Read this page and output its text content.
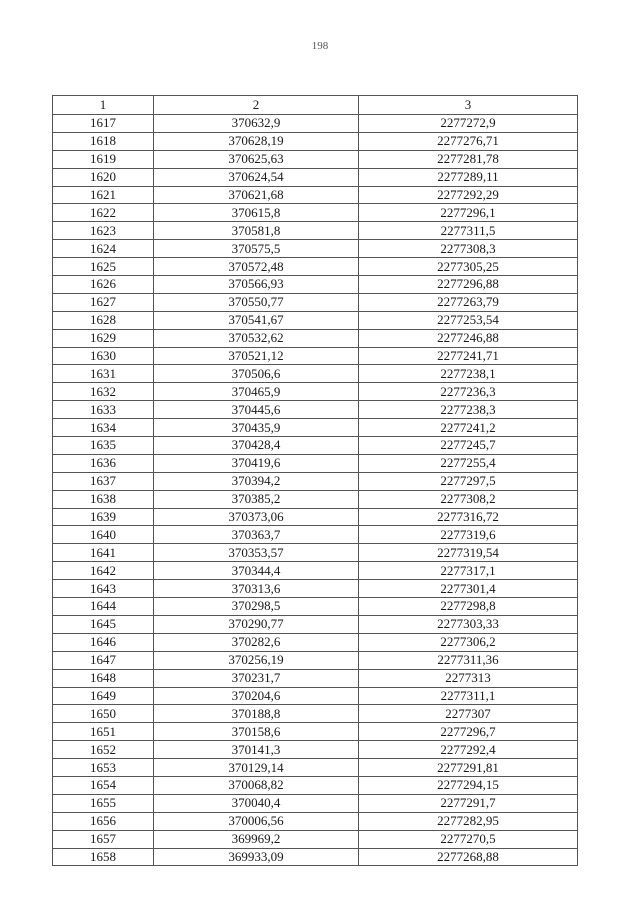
198
1	2	3
1617	370632,9	2277272,9
1618	370628,19	2277276,71
1619	370625,63	2277281,78
1620	370624,54	2277289,11
1621	370621,68	2277292,29
1622	370615,8	2277296,1
1623	370581,8	2277311,5
1624	370575,5	2277308,3
1625	370572,48	2277305,25
1626	370566,93	2277296,88
1627	370550,77	2277263,79
1628	370541,67	2277253,54
1629	370532,62	2277246,88
1630	370521,12	2277241,71
1631	370506,6	2277238,1
1632	370465,9	2277236,3
1633	370445,6	2277238,3
1634	370435,9	2277241,2
1635	370428,4	2277245,7
1636	370419,6	2277255,4
1637	370394,2	2277297,5
1638	370385,2	2277308,2
1639	370373,06	2277316,72
1640	370363,7	2277319,6
1641	370353,57	2277319,54
1642	370344,4	2277317,1
1643	370313,6	2277301,4
1644	370298,5	2277298,8
1645	370290,77	2277303,33
1646	370282,6	2277306,2
1647	370256,19	2277311,36
1648	370231,7	2277313
1649	370204,6	2277311,1
1650	370188,8	2277307
1651	370158,6	2277296,7
1652	370141,3	2277292,4
1653	370129,14	2277291,81
1654	370068,82	2277294,15
1655	370040,4	2277291,7
1656	370006,56	2277282,95
1657	369969,2	2277270,5
1658	369933,09	2277268,88
